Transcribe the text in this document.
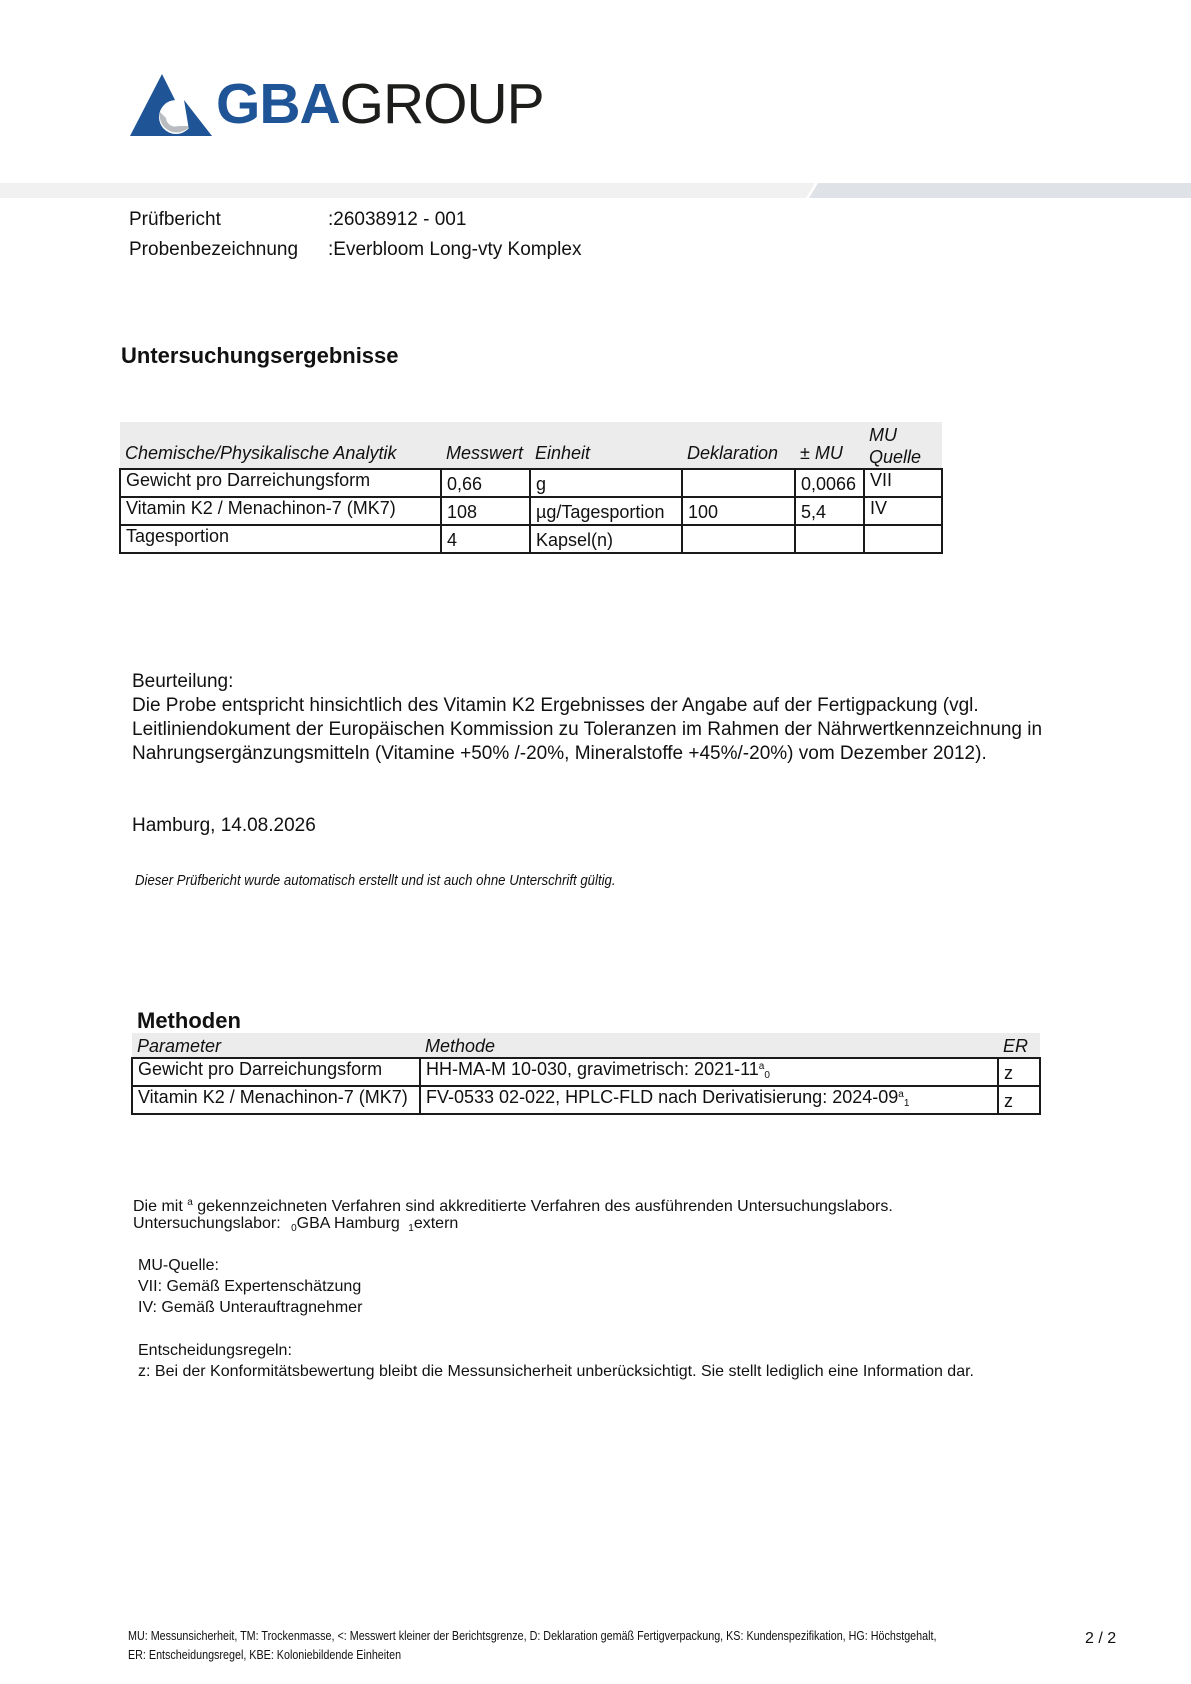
GBAGROUP
Prüfbericht	:26038912 - 001
Probenbezeichnung :Everbloom Long-vty Komplex
Untersuchungsergebnisse
Chemische/Physikalische Analytik	Messwert	Einheit	Deklaration	± MU	MU
Quelle

Gewicht pro Darreichungsform	0,66	g		0,0066	VII
Vitamin K2 / Menachinon-7 (MK7)	108	µg/Tagesportion	100	5,4	IV
Tagesportion	4	Kapsel(n)			
Beurteilung:
Die Probe entspricht hinsichtlich des Vitamin K2 Ergebnisses der Angabe auf der Fertigpackung (vgl.
Leitliniendokument der Europäischen Kommission zu Toleranzen im Rahmen der Nährwertkennzeichnung in
Nahrungsergänzungsmitteln (Vitamine +50% /-20%, Mineralstoffe +45%/-20%) vom Dezember 2012).
Hamburg, 14.08.2026
Dieser Prüfbericht wurde automatisch erstellt und ist auch ohne Unterschrift gültig.
Methoden
Parameter	Methode	ER
Gewicht pro Darreichungsform	HH-MA-M 10-030, gravimetrisch: $2021-11^a_0$	z
Vitamin K2 / Menachinon-7 (MK7)	FV-0533 02-022, HPLC-FLD nach Derivatisierung: $2024-09^a_1$	z
Die mit $^a$ gekennzeichneten Verfahren sind akkreditierte Verfahren des ausführenden Untersuchungslabors.
Untersuchungslabor: $_0$GBA Hamburg $_1$extern
MU-Quelle:
VII: Gemäß Expertenschätzung
IV: Gemäß Unterauftragnehmer
Entscheidungsregeln:
z: Bei der Konformitätsbewertung bleibt die Messunsicherheit unberücksichtigt. Sie stellt lediglich eine Information dar.
MU: Messunsicherheit, TM: Trockenmasse, <: Messwert kleiner der Berichtsgrenze, D: Deklaration gemäß Fertigverpackung, KS: Kundenspezifikation, HG: Höchstgehalt,
ER: Entscheidungsregel, KBE: Koloniebildende Einheiten
2 / 2
